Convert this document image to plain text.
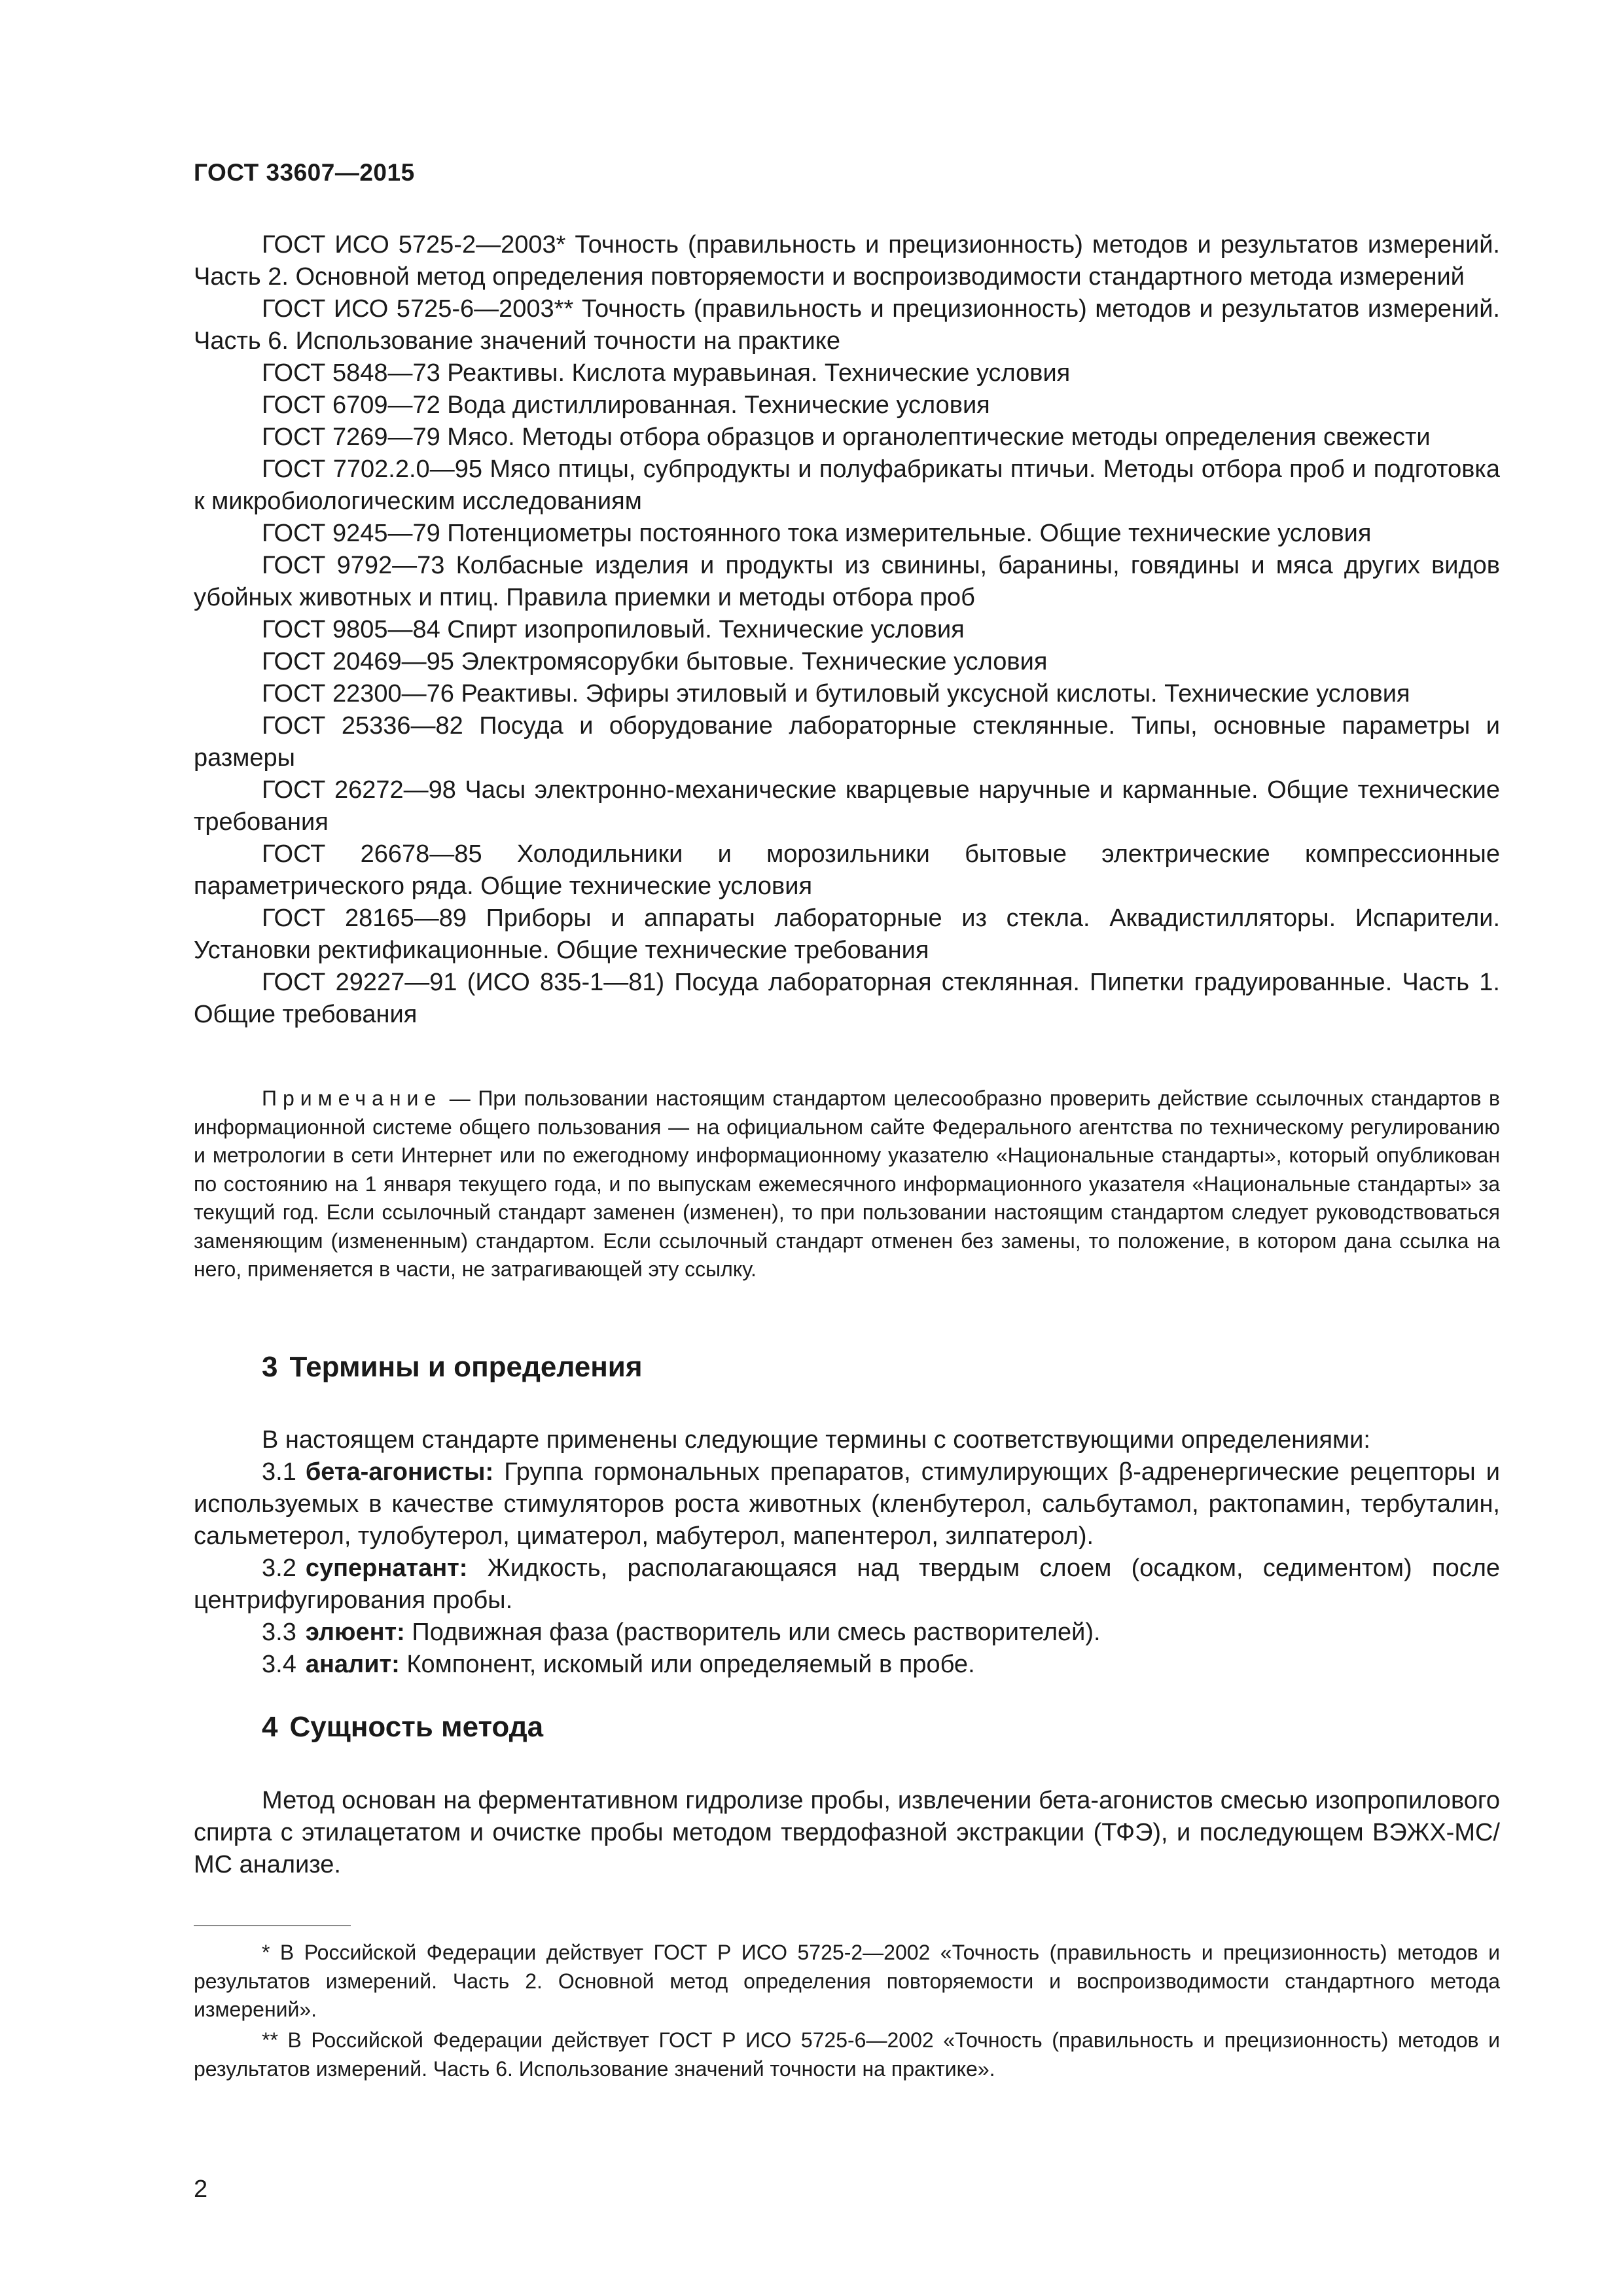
ГОСТ 33607—2015

ГОСТ ИСО 5725-2—2003* Точность (правильность и прецизионность) методов и результатов измерений. Часть 2. Основной метод определения повторяемости и воспроизводимости стандартного метода измерений

ГОСТ ИСО 5725-6—2003** Точность (правильность и прецизионность) методов и результатов измерений. Часть 6. Использование значений точности на практике

ГОСТ 5848—73 Реактивы. Кислота муравьиная. Технические условия

ГОСТ 6709—72 Вода дистиллированная. Технические условия

ГОСТ 7269—79 Мясо. Методы отбора образцов и органолептические методы определения свежести

ГОСТ 7702.2.0—95 Мясо птицы, субпродукты и полуфабрикаты птичьи. Методы отбора проб и подготовка к микробиологическим исследованиям

ГОСТ 9245—79 Потенциометры постоянного тока измерительные. Общие технические условия

ГОСТ 9792—73 Колбасные изделия и продукты из свинины, баранины, говядины и мяса других видов убойных животных и птиц. Правила приемки и методы отбора проб

ГОСТ 9805—84 Спирт изопропиловый. Технические условия

ГОСТ 20469—95 Электромясорубки бытовые. Технические условия

ГОСТ 22300—76 Реактивы. Эфиры этиловый и бутиловый уксусной кислоты. Технические условия

ГОСТ 25336—82 Посуда и оборудование лабораторные стеклянные. Типы, основные параметры и размеры

ГОСТ 26272—98 Часы электронно-механические кварцевые наручные и карманные. Общие технические требования

ГОСТ 26678—85 Холодильники и морозильники бытовые электрические компрессионные параметрического ряда. Общие технические условия

ГОСТ 28165—89 Приборы и аппараты лабораторные из стекла. Аквадистилляторы. Испарители. Установки ректификационные. Общие технические требования

ГОСТ 29227—91 (ИСО 835-1—81) Посуда лабораторная стеклянная. Пипетки градуированные. Часть 1. Общие требования

Примечание — При пользовании настоящим стандартом целесообразно проверить действие ссылочных стандартов в информационной системе общего пользования — на официальном сайте Федерального агентства по техническому регулированию и метрологии в сети Интернет или по ежегодному информационному указателю «Национальные стандарты», который опубликован по состоянию на 1 января текущего года, и по выпускам ежемесячного информационного указателя «Национальные стандарты» за текущий год. Если ссылочный стандарт заменен (изменен), то при пользовании настоящим стандартом следует руководствоваться заменяющим (измененным) стандартом. Если ссылочный стандарт отменен без замены, то положение, в котором дана ссылка на него, применяется в части, не затрагивающей эту ссылку.

3 Термины и определения

В настоящем стандарте применены следующие термины с соответствующими определениями:

3.1 бета-агонисты: Группа гормональных препаратов, стимулирующих β-адренергические рецепторы и используемых в качестве стимуляторов роста животных (кленбутерол, сальбутамол, рактопамин, тербуталин, сальметерол, тулобутерол, циматерол, мабутерол, мапентерол, зилпатерол).

3.2 супернатант: Жидкость, располагающаяся над твердым слоем (осадком, седиментом) после центрифугирования пробы.

3.3 элюент: Подвижная фаза (растворитель или смесь растворителей).

3.4 аналит: Компонент, искомый или определяемый в пробе.

4 Сущность метода

Метод основан на ферментативном гидролизе пробы, извлечении бета-агонистов смесью изопропилового спирта с этилацетатом и очистке пробы методом твердофазной экстракции (ТФЭ), и последующем ВЭЖХ-МС/МС анализе.

* В Российской Федерации действует ГОСТ Р ИСО 5725-2—2002 «Точность (правильность и прецизионность) методов и результатов измерений. Часть 2. Основной метод определения повторяемости и воспроизводимости стандартного метода измерений».

** В Российской Федерации действует ГОСТ Р ИСО 5725-6—2002 «Точность (правильность и прецизионность) методов и результатов измерений. Часть 6. Использование значений точности на практике».

2
